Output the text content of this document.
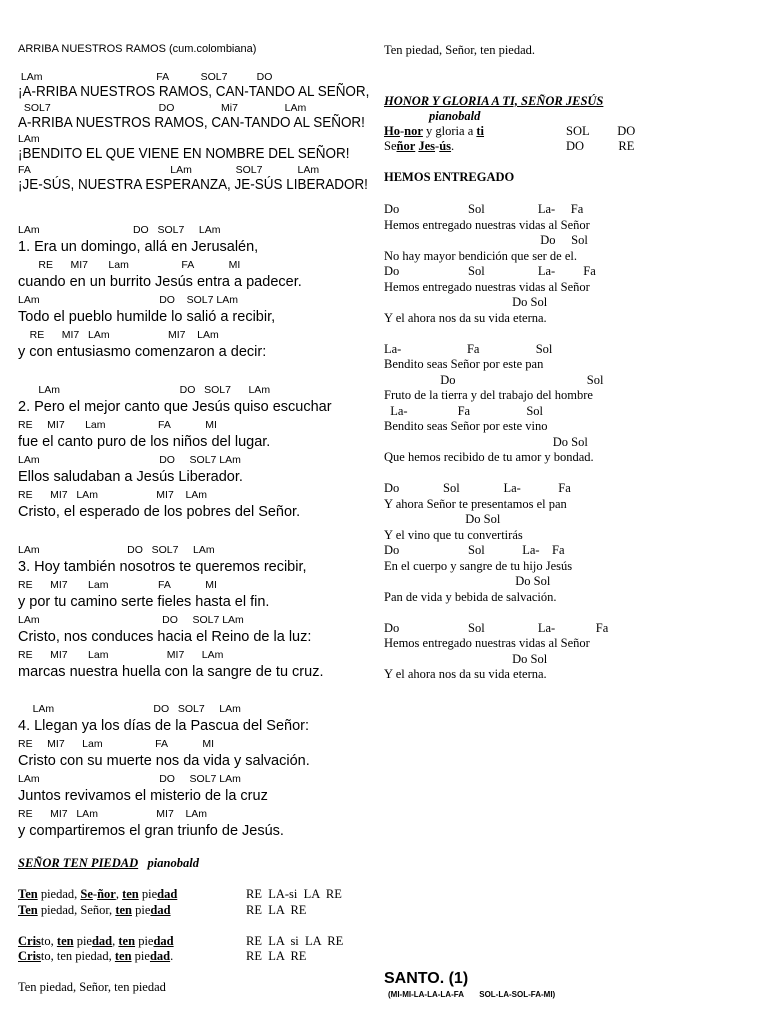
ARRIBA NUESTROS RAMOS (cum.colombiana)
LAm                                       FA           SOL7          DO
¡A-RRIBA NUESTROS RAMOS, CAN-TANDO AL SEÑOR,
SOL7                                     DO                Mi7                LAm
A-RRIBA NUESTROS RAMOS, CAN-TANDO AL SEÑOR!
LAm
¡BENDITO EL QUE VIENE EN NOMBRE DEL SEÑOR!
FA                                                LAm               SOL7            LAm
¡JE-SÚS, NUESTRA ESPERANZA, JE-SÚS LIBERADOR!
LAm                                DO   SOL7     LAm
1. Era un domingo, allá en Jerusalén,
RE      MI7       Lam                  FA            MI
cuando en un burrito Jesús entra a padecer.
LAm                                         DO    SOL7 LAm
Todo el pueblo humilde lo salió a recibir,
RE      MI7   LAm                    MI7    LAm
y con entusiasmo comenzaron a decir:
LAm                                         DO   SOL7      LAm
2. Pero el mejor canto que Jesús quiso escuchar
RE     MI7       Lam                  FA            MI
fue el canto puro de los niños del lugar.
LAm                                         DO     SOL7 LAm
Ellos saludaban a Jesús Liberador.
RE      MI7   LAm                    MI7    LAm
Cristo, el esperado de los pobres del Señor.
LAm                              DO   SOL7     LAm
3. Hoy también nosotros te queremos recibir,
RE      MI7       Lam                 FA            MI
y por tu camino serte fieles hasta el fin.
LAm                                          DO     SOL7 LAm
Cristo, nos conduces hacia el Reino de la luz:
RE      MI7       Lam                    MI7      LAm
marcas nuestra huella con la sangre de tu cruz.
LAm                                  DO   SOL7     LAm
4. Llegan ya los días de la Pascua del Señor:
RE     MI7      Lam                  FA            MI
Cristo con su muerte nos da vida y salvación.
LAm                                         DO     SOL7 LAm
Juntos revivamos el misterio de la cruz
RE      MI7   LAm                    MI7    LAm
y compartiremos el gran triunfo de Jesús.
SEÑOR TEN PIEDAD pianobald
Ten piedad, Se-ñor, ten piedad	RE  LA-si  LA  RE
Ten piedad, Señor, ten piedad	RE  LA  RE
Cristo, ten piedad, ten piedad	RE  LA  si  LA  RE
Cristo, ten piedad, ten piedad.	RE  LA  RE
Ten piedad, Señor, ten piedad
Ten piedad, Señor, ten piedad.
HONOR Y GLORIA A TI, SEÑOR JESÚS
pianobald
Ho-nor y gloria a ti	SOL         DO
Señor Jes-ús.	DO           RE
HEMOS ENTREGADO
Do                      Sol                 La-     Fa
Hemos entregado nuestras vidas al Señor
Do     Sol
No hay mayor bendición que ser de el.
Do                      Sol                 La-         Fa
Hemos entregado nuestras vidas al Señor
Do Sol
Y el ahora nos da su vida eterna.
La-                     Fa                  Sol
Bendito seas Señor por este pan
Do                                          Sol
Fruto de la tierra y del trabajo del hombre
La-                Fa                  Sol
Bendito seas Señor por este vino
Do Sol
Que hemos recibido de tu amor y bondad.
Do              Sol              La-            Fa
Y ahora Señor te presentamos el pan
Do Sol
Y el vino que tu convertirás
Do                      Sol            La-    Fa
En el cuerpo y sangre de tu hijo Jesús
Do Sol
Pan de vida y bebida de salvación.
Do                      Sol                 La-             Fa
Hemos entregado nuestras vidas al Señor
Do Sol
Y el ahora nos da su vida eterna.
SANTO. (1)
(MI-MI-LA-LA-LA-FA       SOL-LA-SOL-FA-MI)
